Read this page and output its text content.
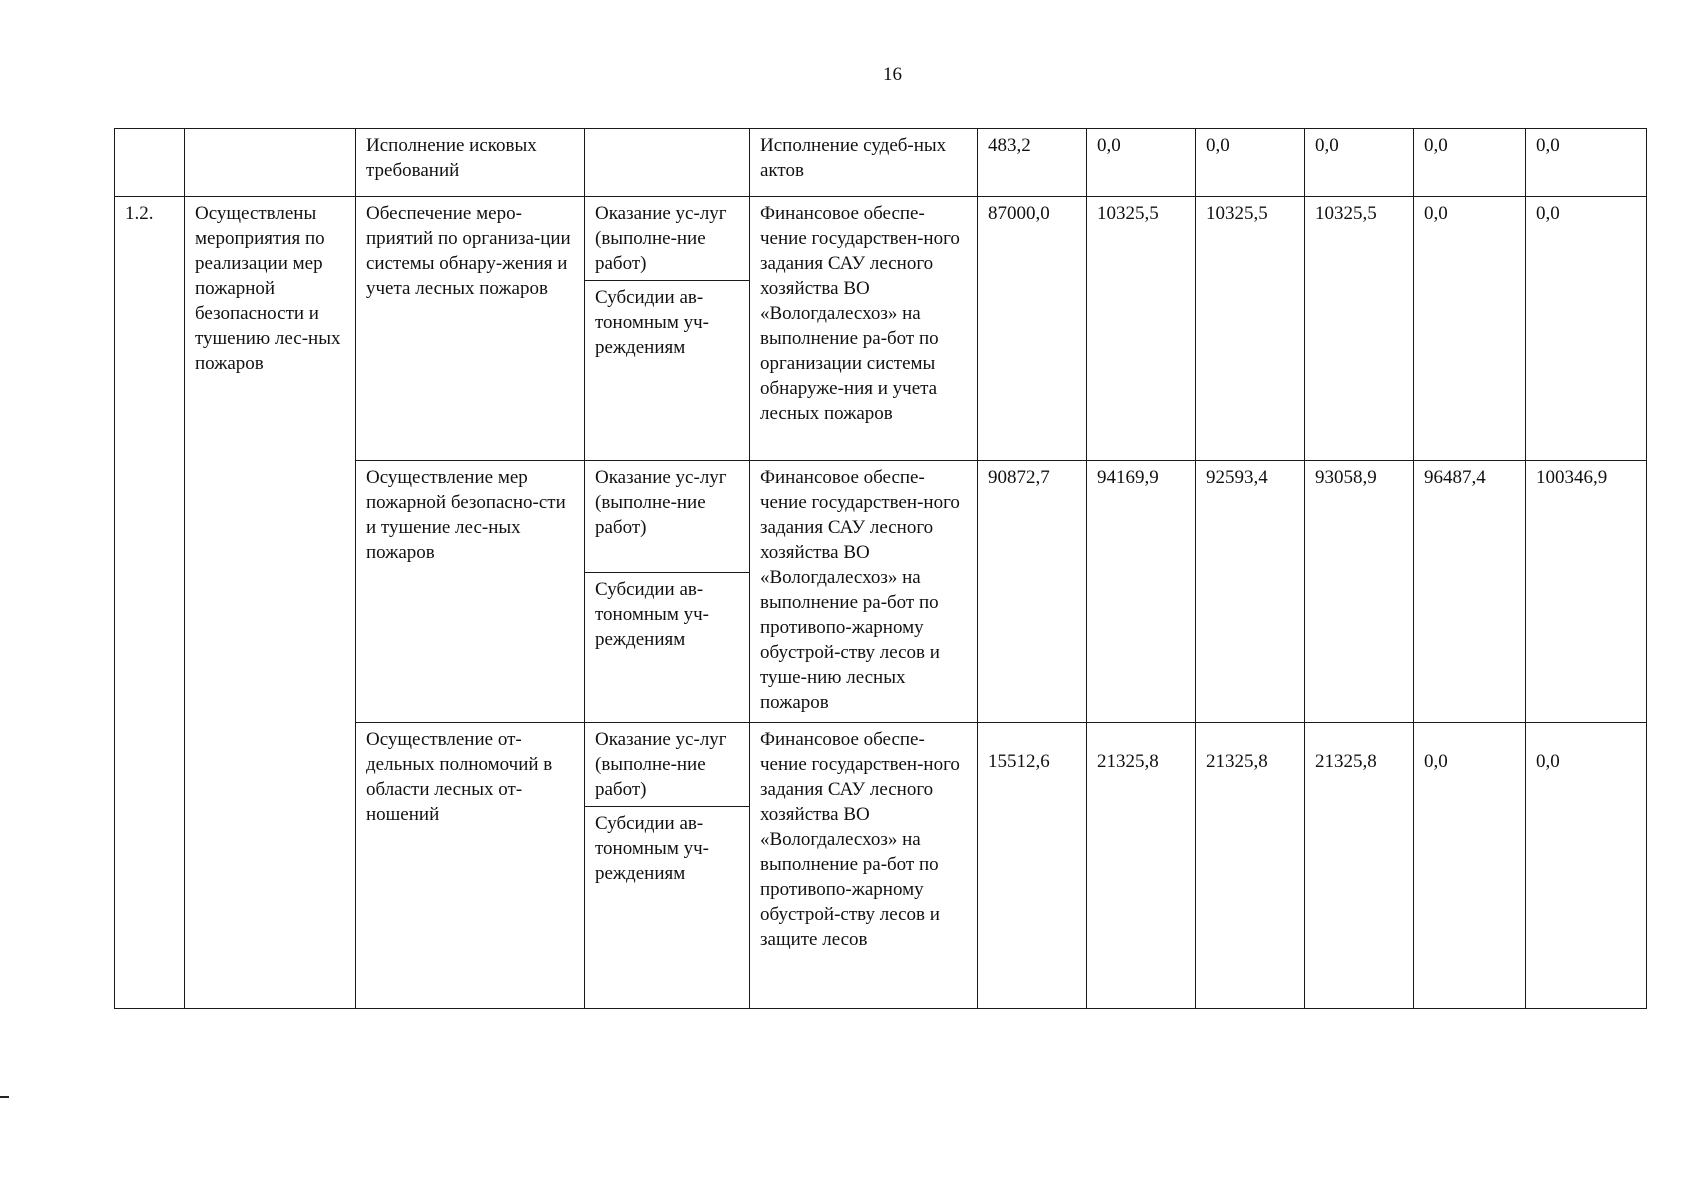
16
		Исполнение исковых требований		Исполнение судеб-ных актов	483,2	0,0	0,0	0,0	0,0	0,0
1.2.	Осуществлены мероприятия по реализации мер пожарной безопасности и тушению лес-ных пожаров	Обеспечение меро-приятий по организа-ции системы обнару-жения и учета лесных пожаров	Оказание ус-луг (выполне-ние работ)	Финансовое обеспе-чение государствен-ного задания САУ лесного хозяйства ВО «Вологдалесхоз» на выполнение ра-бот по организации системы обнаруже-ния и учета лесных пожаров	87000,0	10325,5	10325,5	10325,5	0,0	0,0
			Субсидии ав-тономным уч-реждениям							
		Осуществление мер пожарной безопасно-сти и тушение лес-ных пожаров	Оказание ус-луг (выполне-ние работ)	Финансовое обеспе-чение государствен-ного задания САУ лесного хозяйства ВО «Вологдалесхоз» на выполнение ра-бот по противопо-жарному обустрой-ству лесов и туше-нию лесных пожаров	90872,7	94169,9	92593,4	93058,9	96487,4	100346,9
			Субсидии ав-тономным уч-реждениям							
		Осуществление от-дельных полномочий в области лесных от-ношений	Оказание ус-луг (выполне-ние работ)	Финансовое обеспе-чение государствен-ного задания САУ лесного хозяйства ВО «Вологдалесхоз» на выполнение ра-бот по противопо-жарному обустрой-ству лесов и защите лесов	15512,6	21325,8	21325,8	21325,8	0,0	0,0
			Субсидии ав-тономным уч-реждениям							
